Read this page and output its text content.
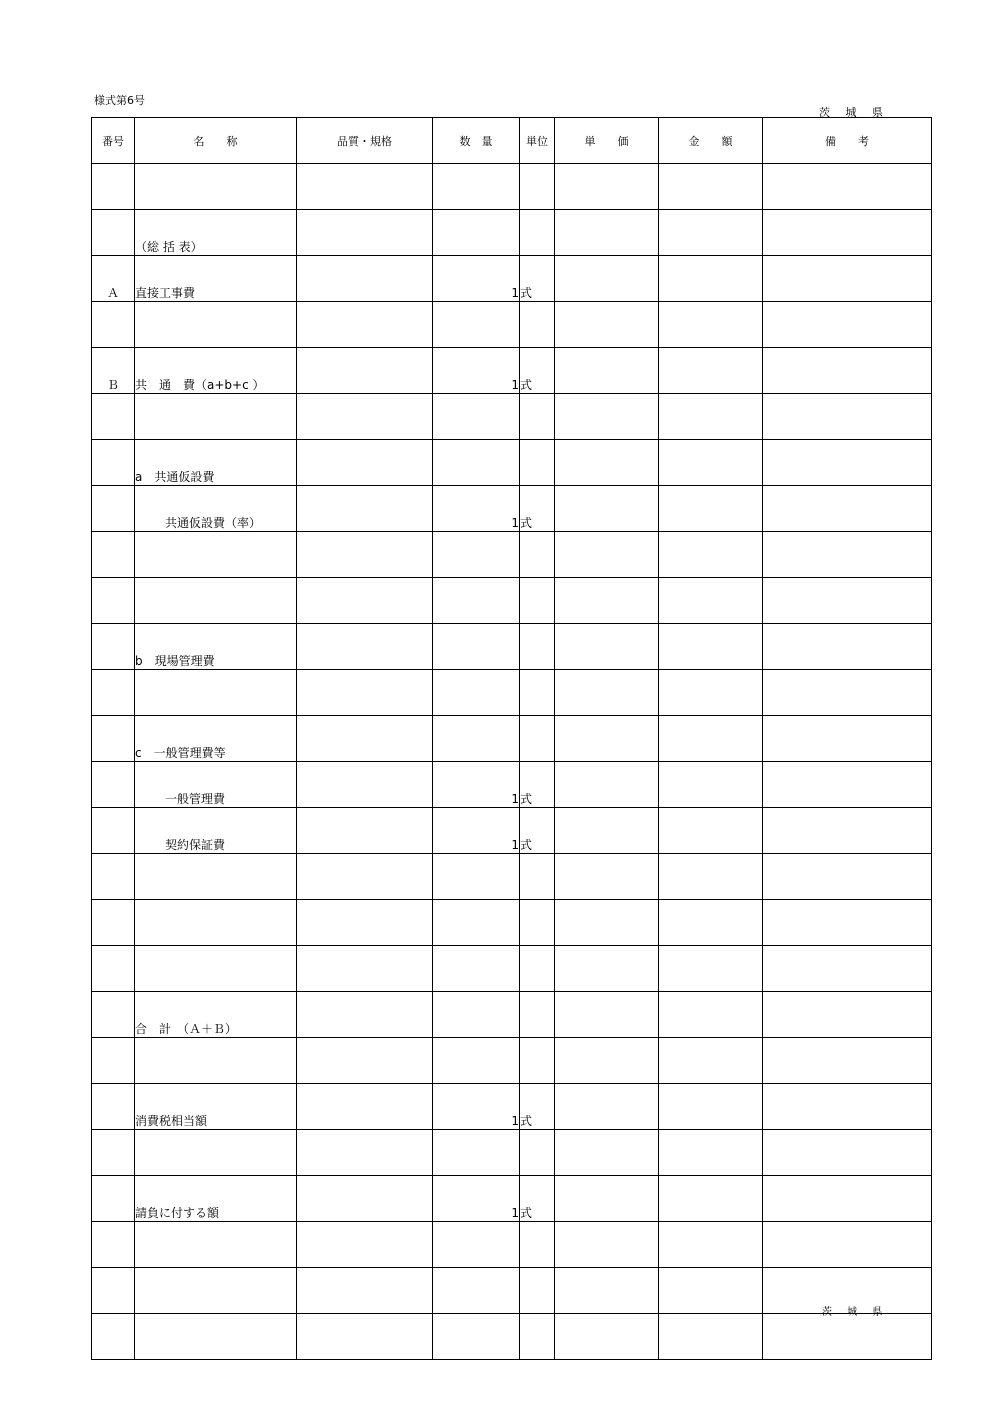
様式第6号
茨 城 県
番号	名　　称	品質・規格	数　量	単位	単　　価	金　　額	備　　考

	（総 括 表）						

Ａ	直接工事費		1	式			

Ｂ	共　通　費（a+b+c ）		1	式			

	a　共通仮設費						

	共通仮設費（率）		1	式			

	b　現場管理費						

	c　一般管理費等						

	一般管理費		1	式			

	契約保証費		1	式			

	合　計　（Ａ＋Ｂ）						

	消費税相当額		1	式			

	請負に付する額		1	式			

茨 城 県
